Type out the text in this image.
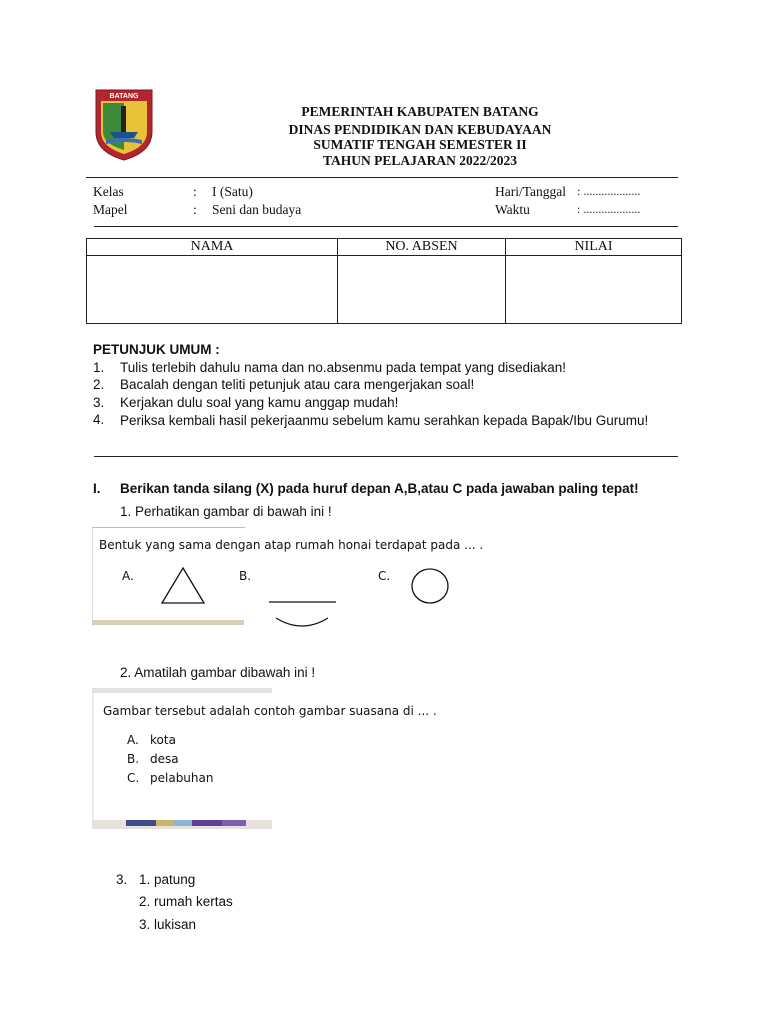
BATANG
PEMERINTAH KABUPATEN BATANG
DINAS PENDIDIKAN DAN KEBUDAYAAN
SUMATIF TENGAH SEMESTER II
TAHUN PELAJARAN 2022/2023
Kelas	: I (Satu)	Hari/Tanggal : ...................
Mapel	: Seni dan budaya	Waktu	: ...................
NAMA	NO. ABSEN	NILAI

PETUNJUK UMUM :
1. Tulis terlebih dahulu nama dan no.absenmu pada tempat yang disediakan!
2. Bacalah dengan teliti petunjuk atau cara mengerjakan soal!
3. Kerjakan dulu soal yang kamu anggap mudah!
4. Periksa kembali hasil pekerjaanmu sebelum kamu serahkan kepada Bapak/Ibu Gurumu!
I. Berikan tanda silang (X) pada huruf depan A,B,atau C pada jawaban paling tepat!
1. Perhatikan gambar di bawah ini !
Bentuk yang sama dengan atap rumah honai terdapat pada ... .
A.	B.	C.
2. Amatilah gambar dibawah ini !
Gambar tersebut adalah contoh gambar suasana di ... .
A. kota
B. desa
C. pelabuhan
3. 1. patung
2. rumah kertas
3. lukisan
